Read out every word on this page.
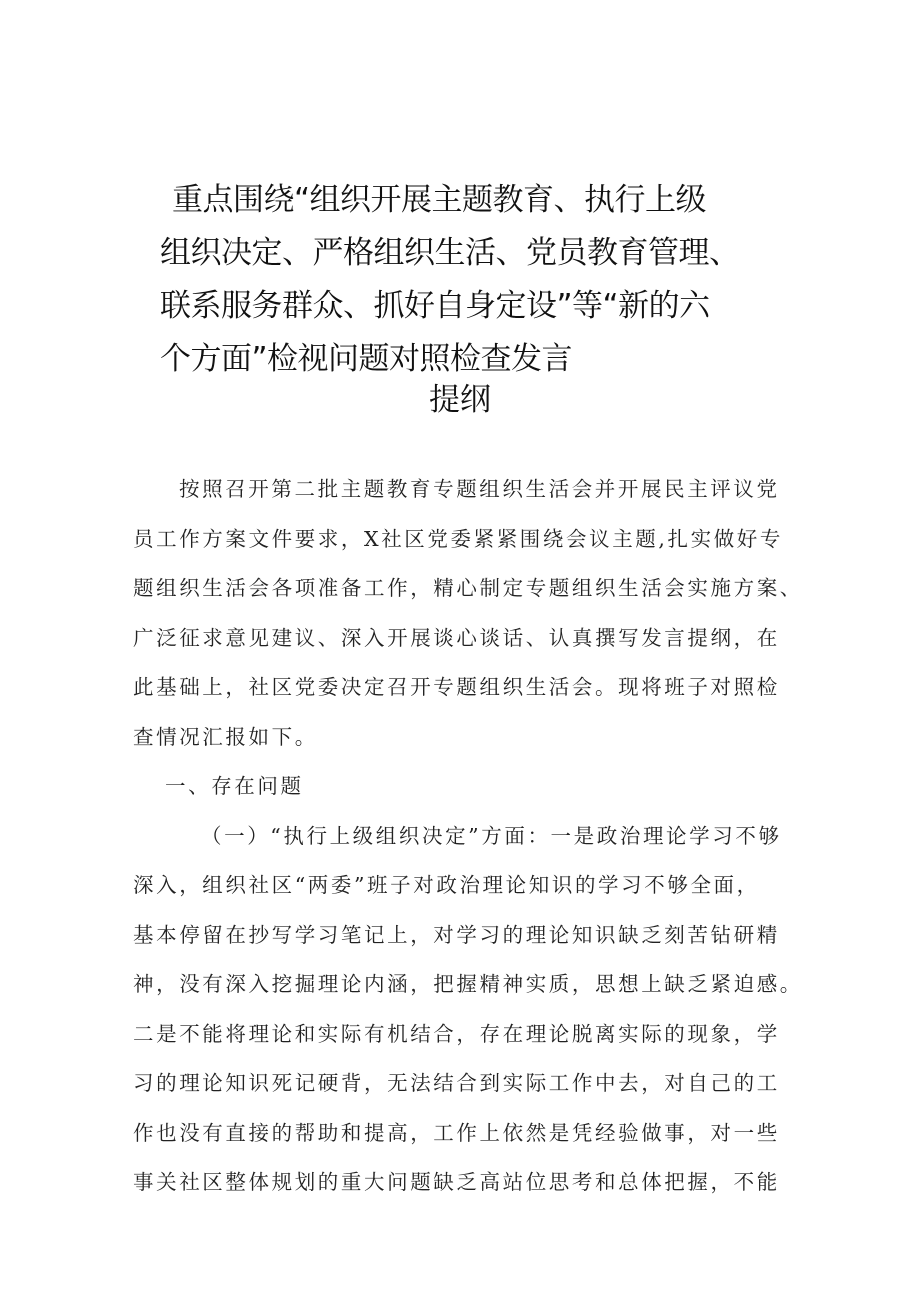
重点围绕“组织开展主题教育、执行上级
组织决定、严格组织生活、党员教育管理、
联系服务群众、抓好自身定设”等“新的六
个方面”检视问题对照检查发言
提纲
按照召开第二批主题教育专题组织生活会并开展民主评议党
员工作方案文件要求，X社区党委紧紧围绕会议主题,扎实做好专
题组织生活会各项准备工作，精心制定专题组织生活会实施方案、
广泛征求意见建议、深入开展谈心谈话、认真撰写发言提纲，在
此基础上，社区党委决定召开专题组织生活会。现将班子对照检
查情况汇报如下。
一、存在问题
（一）“执行上级组织决定”方面：一是政治理论学习不够
深入，组织社区“两委”班子对政治理论知识的学习不够全面，
基本停留在抄写学习笔记上，对学习的理论知识缺乏刻苦钻研精
神，没有深入挖掘理论内涵，把握精神实质，思想上缺乏紧迫感。
二是不能将理论和实际有机结合，存在理论脱离实际的现象，学
习的理论知识死记硬背，无法结合到实际工作中去，对自己的工
作也没有直接的帮助和提高，工作上依然是凭经验做事，对一些
事关社区整体规划的重大问题缺乏高站位思考和总体把握，不能
